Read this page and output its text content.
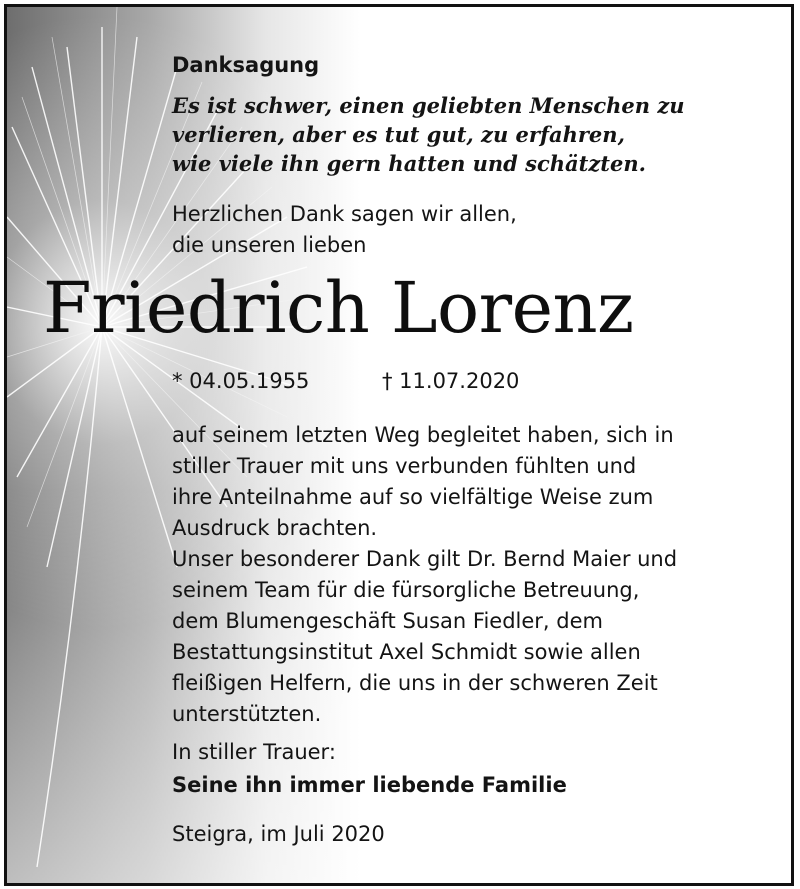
Danksagung
Es ist schwer, einen geliebten Menschen zu
verlieren, aber es tut gut, zu erfahren,
wie viele ihn gern hatten und schätzten.
Herzlichen Dank sagen wir allen,
die unseren lieben
Friedrich Lorenz
* 04.05.1955	† 11.07.2020
auf seinem letzten Weg begleitet haben, sich in
stiller Trauer mit uns verbunden fühlten und
ihre Anteilnahme auf so vielfältige Weise zum
Ausdruck brachten.
Unser besonderer Dank gilt Dr. Bernd Maier und
seinem Team für die fürsorgliche Betreuung,
dem Blumengeschäft Susan Fiedler, dem
Bestattungsinstitut Axel Schmidt sowie allen
fleißigen Helfern, die uns in der schweren Zeit
unterstützten.
In stiller Trauer:
Seine ihn immer liebende Familie
Steigra, im Juli 2020
